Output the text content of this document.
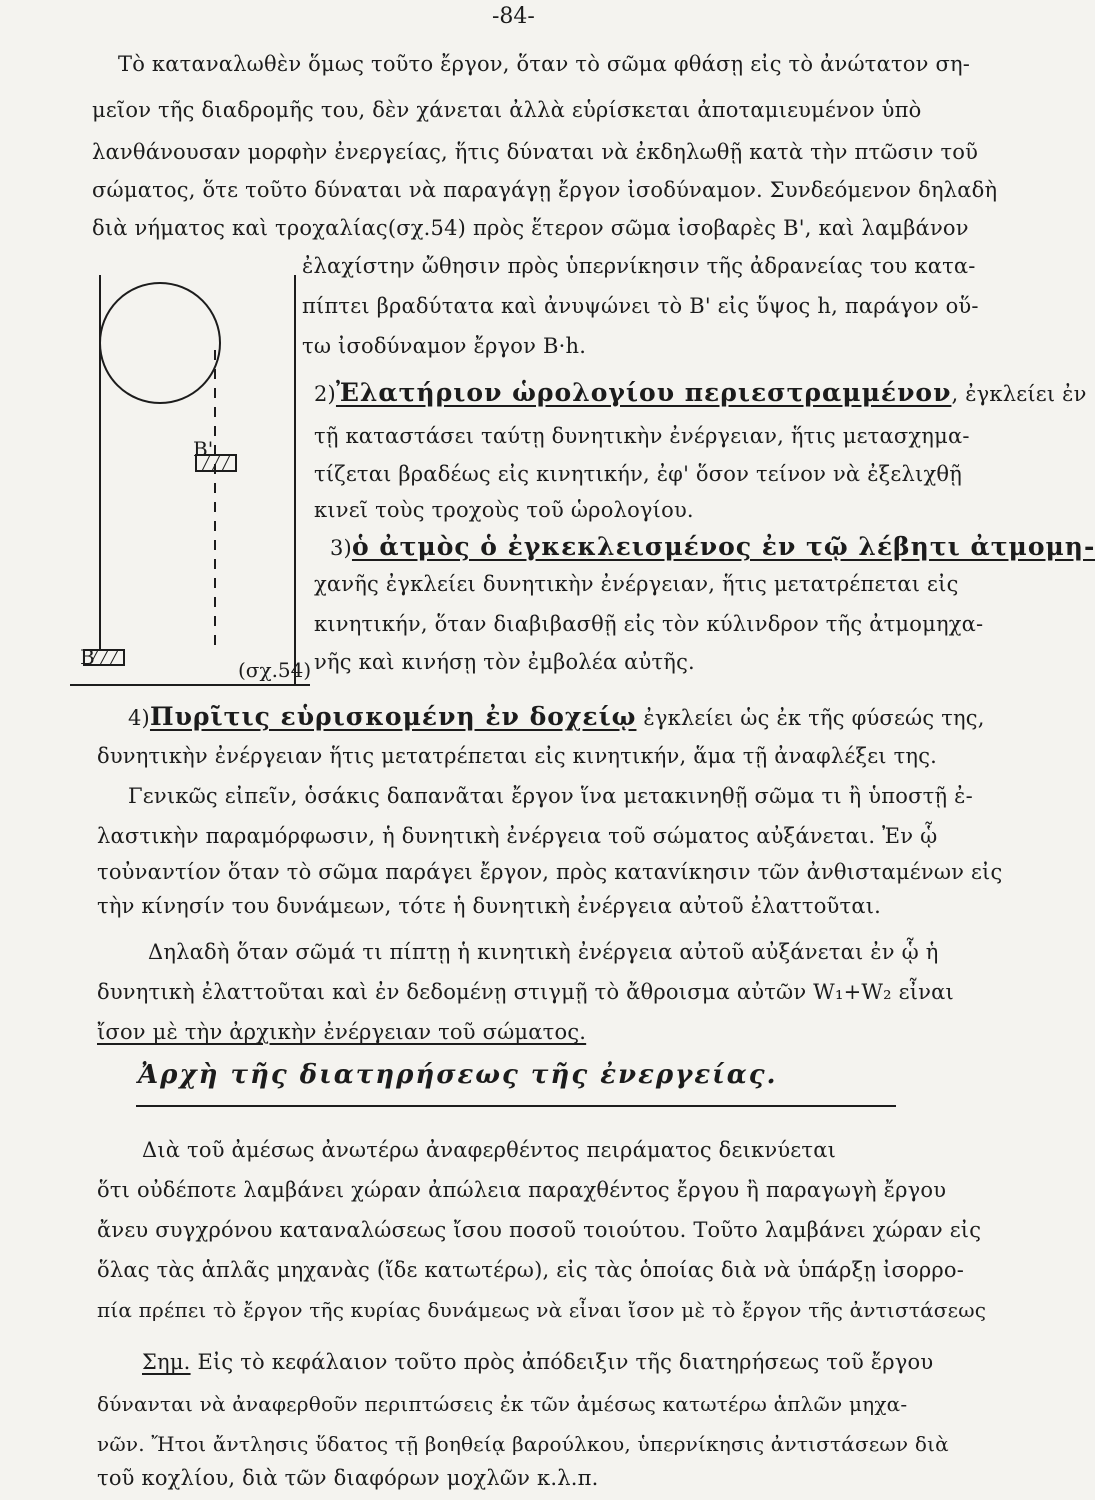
-84-
Τὸ καταναλωθὲν ὅμως τοῦτο ἔργον, ὅταν τὸ σῶμα φθάσῃ εἰς τὸ ἀνώτατον ση-
μεῖον τῆς διαδρομῆς του, δὲν χάνεται ἀλλὰ εὑρίσκεται ἀποταμιευμένον ὑπὸ
λανθάνουσαν μορφὴν ἐνεργείας, ἥτις δύναται νὰ ἐκδηλωθῇ κατὰ τὴν πτῶσιν τοῦ
σώματος, ὅτε τοῦτο δύναται νὰ παραγάγῃ ἔργον ἰσοδύναμον. Συνδεόμενον δηλαδὴ
διὰ νήματος καὶ τροχαλίας(σχ.54) πρὸς ἕτερον σῶμα ἰσοβαρὲς Β', καὶ λαμβάνον
Β'
Β
(σχ.54)
ἐλαχίστην ὤθησιν πρὸς ὑπερνίκησιν τῆς ἀδρανείας του κατα-
πίπτει βραδύτατα καὶ ἀνυψώνει τὸ Β' εἰς ὕψος h, παράγον οὕ-
τω ἰσοδύναμον ἔργον Β·h.
2)Ἐλατήριον ὡρολογίου περιεστραμμένον, ἐγκλείει ἐν
τῇ καταστάσει ταύτῃ δυνητικὴν ἐνέργειαν, ἥτις μετασχημα-
τίζεται βραδέως εἰς κινητικήν, ἐφ' ὅσον τείνον νὰ ἐξελιχθῇ
κινεῖ τοὺς τροχοὺς τοῦ ὡρολογίου.
3)ὁ ἀτμὸς ὁ ἐγκεκλεισμένος ἐν τῷ λέβητι ἀτμομη-
χανῆς ἐγκλείει δυνητικὴν ἐνέργειαν, ἥτις μετατρέπεται εἰς
κινητικήν, ὅταν διαβιβασθῇ εἰς τὸν κύλινδρον τῆς ἀτμομηχα-
νῆς καὶ κινήσῃ τὸν ἐμβολέα αὐτῆς.
4)Πυρῖτις εὑρισκομένη ἐν δοχείῳ ἐγκλείει ὡς ἐκ τῆς φύσεώς της,
δυνητικὴν ἐνέργειαν ἥτις μετατρέπεται εἰς κινητικήν, ἅμα τῇ ἀναφλέξει της.
Γενικῶς εἰπεῖν, ὁσάκις δαπανᾶται ἔργον ἵνα μετακινηθῇ σῶμα τι ἢ ὑποστῇ ἐ-
λαστικὴν παραμόρφωσιν, ἡ δυνητικὴ ἐνέργεια τοῦ σώματος αὐξάνεται. Ἐν ᾧ
τοὐναντίον ὅταν τὸ σῶμα παράγει ἔργον, πρὸς καταvίκησιν τῶν ἀνθισταμένων εἰς
τὴν κίνησίν του δυνάμεων, τότε ἡ δυνητικὴ ἐνέργεια αὐτοῦ ἐλαττοῦται.
Δηλαδὴ ὅταν σῶμά τι πίπτῃ ἡ κινητικὴ ἐνέργεια αὐτοῦ αὐξάνεται ἐν ᾧ ἡ
δυνητικὴ ἐλαττοῦται καὶ ἐν δεδομένῃ στιγμῇ τὸ ἄθροισμα αὐτῶν W₁+W₂ εἶναι
ἴσον μὲ τὴν ἀρχικὴν ἐνέργειαν τοῦ σώματος.
Ἀρχὴ τῆς διατηρήσεως τῆς ἐνεργείας.
Διὰ τοῦ ἀμέσως ἀνωτέρω ἀναφερθέντος πειράματος δεικνύεται
ὅτι οὐδέποτε λαμβάνει χώραν ἀπώλεια παραχθέντος ἔργου ἢ παραγωγὴ ἔργου
ἄνευ συγχρόνου καταναλώσεως ἴσου ποσοῦ τοιούτου. Τοῦτο λαμβάνει χώραν εἰς
ὅλας τὰς ἁπλᾶς μηχανὰς (ἴδε κατωτέρω), εἰς τὰς ὁποίας διὰ νὰ ὑπάρξῃ ἰσορρο-
πία πρέπει τὸ ἔργον τῆς κυρίας δυνάμεως νὰ εἶναι ἴσον μὲ τὸ ἔργον τῆς ἀντιστάσεως
Σημ. Εἰς τὸ κεφάλαιον τοῦτο πρὸς ἀπόδειξιν τῆς διατηρήσεως τοῦ ἔργου
δύνανται νὰ ἀναφερθοῦν περιπτώσεις ἐκ τῶν ἀμέσως κατωτέρω ἁπλῶν μηχα-
νῶν. Ἤτοι ἄντλησις ὕδατος τῇ βοηθείᾳ βαρούλκου, ὑπερνίκησις ἀντιστάσεων διὰ
τοῦ κοχλίου, διὰ τῶν διαφόρων μοχλῶν κ.λ.π.
